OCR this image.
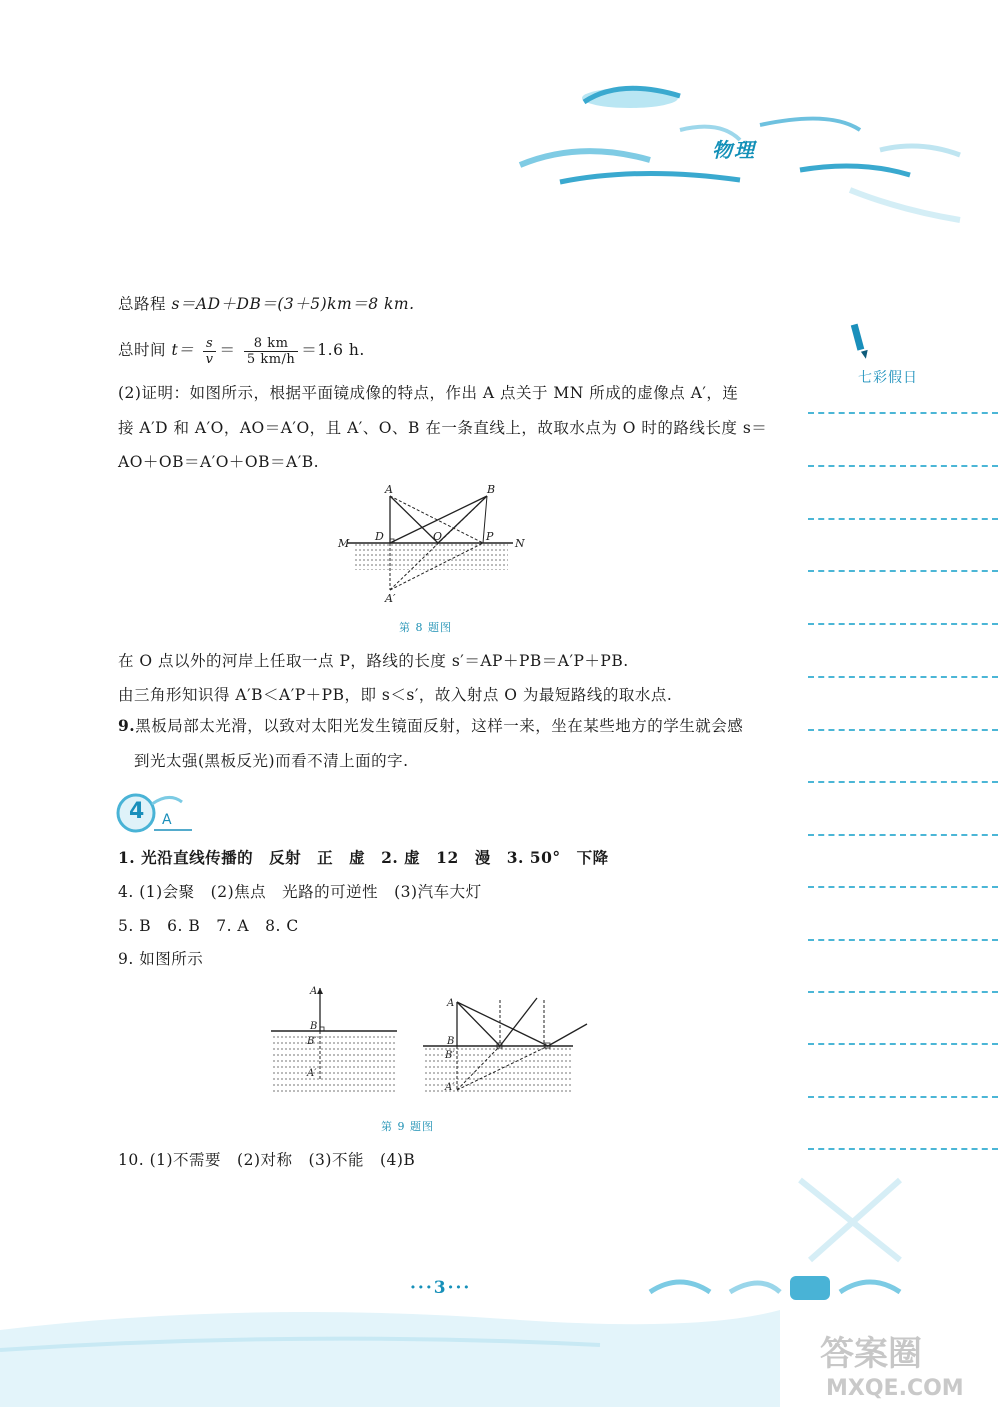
物理
七彩假日
总路程 s＝AD＋DB＝(3＋5)km＝8 km.
总时间 $t= \frac{s}{v} = \frac{8 km}{5 km/h} =1.6$ h.
(2)证明：如图所示，根据平面镜成像的特点，作出 A 点关于 MN 所成的虚像点 A′，连
接 A′D 和 A′O，AO＝A′O，且 A′、O、B 在一条直线上，故取水点为 O 时的路线长度 s＝
AO＋OB＝A′O＋OB＝A′B.
A	B
M
D	O	P
N
A′
第 8 题图
在 O 点以外的河岸上任取一点 P，路线的长度 s′＝AP＋PB＝A′P＋PB.
由三角形知识得 A′B＜A′P＋PB，即 s＜s′，故入射点 O 为最短路线的取水点.
9.黑板局部太光滑，以致对太阳光发生镜面反射，这样一来，坐在某些地方的学生就会感
到光太强(黑板反光)而看不清上面的字.
4 A
1. 光沿直线传播的　反射　正　虚　2. 虚　12　漫　3. 50°　下降
4. (1)会聚　(2)焦点　光路的可逆性　(3)汽车大灯
5. B　6. B　7. A　8. C
9. 如图所示
A
B
B′
A′
A
B
B′
A′
第 9 题图
10. (1)不需要　(2)对称　(3)不能　(4)B
···3···
答案圈
MXQE.COM
